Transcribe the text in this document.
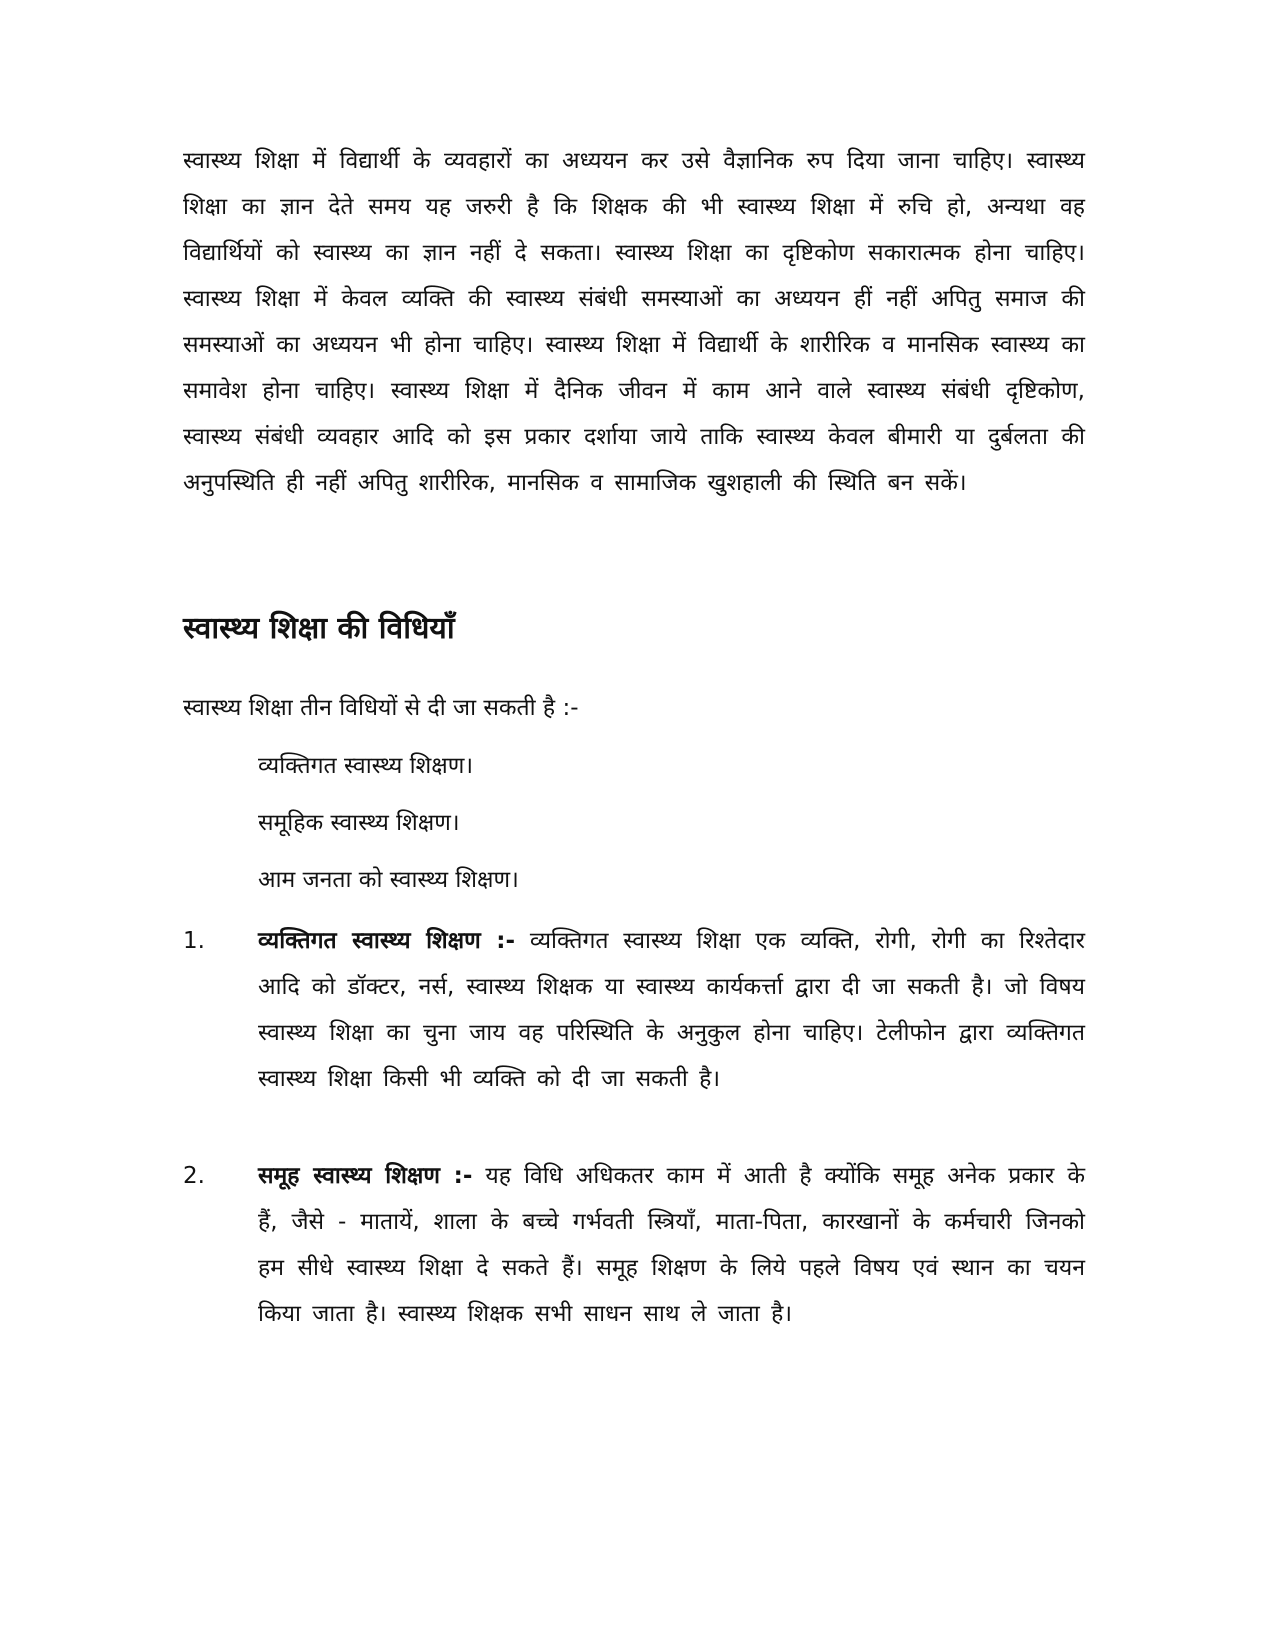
स्वास्थ्य शिक्षा में विद्यार्थी के व्यवहारों का अध्ययन कर उसे वैज्ञानिक रुप दिया जाना चाहिए। स्वास्थ्य शिक्षा का ज्ञान देते समय यह जरुरी है कि शिक्षक की भी स्वास्थ्य शिक्षा में रुचि हो, अन्यथा वह विद्यार्थियों को स्वास्थ्य का ज्ञान नहीं दे सकता। स्वास्थ्य शिक्षा का दृष्टिकोण सकारात्मक होना चाहिए। स्वास्थ्य शिक्षा में केवल व्यक्ति की स्वास्थ्य संबंधी समस्याओं का अध्ययन हीं नहीं अपितु समाज की समस्याओं का अध्ययन भी होना चाहिए। स्वास्थ्य शिक्षा में विद्यार्थी के शारीरिक व मानसिक स्वास्थ्य का समावेश होना चाहिए। स्वास्थ्य शिक्षा में दैनिक जीवन में काम आने वाले स्वास्थ्य संबंधी दृष्टिकोण, स्वास्थ्य संबंधी व्यवहार आदि को इस प्रकार दर्शाया जाये ताकि स्वास्थ्य केवल बीमारी या दुर्बलता की अनुपस्थिति ही नहीं अपितु शारीरिक, मानसिक व सामाजिक खुशहाली की स्थिति बन सकें।

स्वास्थ्य शिक्षा की विधियाँ

स्वास्थ्य शिक्षा तीन विधियों से दी जा सकती है :-

व्यक्तिगत स्वास्थ्य शिक्षण।

समूहिक स्वास्थ्य शिक्षण।

आम जनता को स्वास्थ्य शिक्षण।

1.	व्यक्तिगत स्वास्थ्य शिक्षण :- व्यक्तिगत स्वास्थ्य शिक्षा एक व्यक्ति, रोगी, रोगी का रिश्तेदार आदि को डॉक्टर, नर्स, स्वास्थ्य शिक्षक या स्वास्थ्य कार्यकर्त्ता द्वारा दी जा सकती है। जो विषय स्वास्थ्य शिक्षा का चुना जाय वह परिस्थिति के अनुकुल होना चाहिए। टेलीफोन द्वारा व्यक्तिगत स्वास्थ्य शिक्षा किसी भी व्यक्ति को दी जा सकती है।

2.	समूह स्वास्थ्य शिक्षण :- यह विधि अधिकतर काम में आती है क्योंकि समूह अनेक प्रकार के हैं, जैसे - मातायें, शाला के बच्चे गर्भवती स्त्रियाँ, माता-पिता, कारखानों के कर्मचारी जिनको हम सीधे स्वास्थ्य शिक्षा दे सकते हैं। समूह शिक्षण के लिये पहले विषय एवं स्थान का चयन किया जाता है। स्वास्थ्य शिक्षक सभी साधन साथ ले जाता है।
